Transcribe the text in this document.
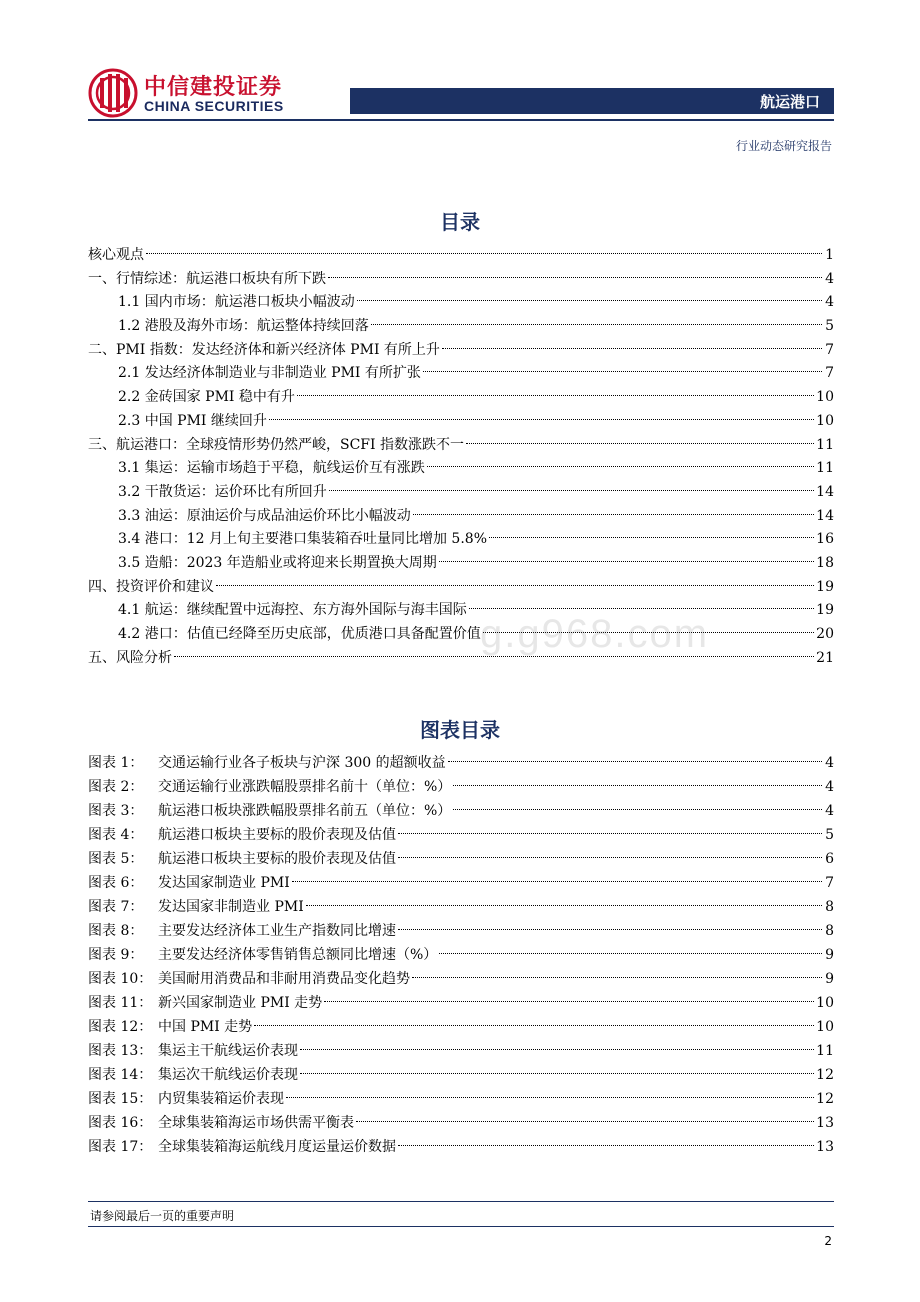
中信建投证券
CHINA SECURITIES	航运港口
行业动态研究报告
目录
核心观点	1
一、行情综述：航运港口板块有所下跌	4
1.1 国内市场：航运港口板块小幅波动	4
1.2 港股及海外市场：航运整体持续回落	5
二、PMI 指数：发达经济体和新兴经济体 PMI 有所上升	7
2.1 发达经济体制造业与非制造业 PMI 有所扩张	7
2.2 金砖国家 PMI 稳中有升	10
2.3 中国 PMI 继续回升	10
三、航运港口：全球疫情形势仍然严峻，SCFI 指数涨跌不一	11
3.1 集运：运输市场趋于平稳，航线运价互有涨跌	11
3.2 干散货运：运价环比有所回升	14
3.3 油运：原油运价与成品油运价环比小幅波动	14
3.4 港口：12 月上旬主要港口集装箱吞吐量同比增加 5.8%	16
3.5 造船：2023 年造船业或将迎来长期置换大周期	18
四、投资评价和建议	19
4.1 航运：继续配置中远海控、东方海外国际与海丰国际	19
4.2 港口：估值已经降至历史底部，优质港口具备配置价值	20
五、风险分析	21
图表目录
图表 1：	交通运输行业各子板块与沪深 300 的超额收益	4
图表 2：	交通运输行业涨跌幅股票排名前十（单位：%）	4
图表 3：	航运港口板块涨跌幅股票排名前五（单位：%）	4
图表 4：	航运港口板块主要标的股价表现及估值	5
图表 5：	航运港口板块主要标的股价表现及估值	6
图表 6：	发达国家制造业 PMI	7
图表 7：	发达国家非制造业 PMI	8
图表 8：	主要发达经济体工业生产指数同比增速	8
图表 9：	主要发达经济体零售销售总额同比增速（%）	9
图表 10： 美国耐用消费品和非耐用消费品变化趋势	9
图表 11： 新兴国家制造业 PMI 走势	10
图表 12： 中国 PMI 走势	10
图表 13： 集运主干航线运价表现	11
图表 14： 集运次干航线运价表现	12
图表 15： 内贸集装箱运价表现	12
图表 16： 全球集装箱海运市场供需平衡表	13
图表 17： 全球集装箱海运航线月度运量运价数据	13
g.g968.com
请参阅最后一页的重要声明
2
